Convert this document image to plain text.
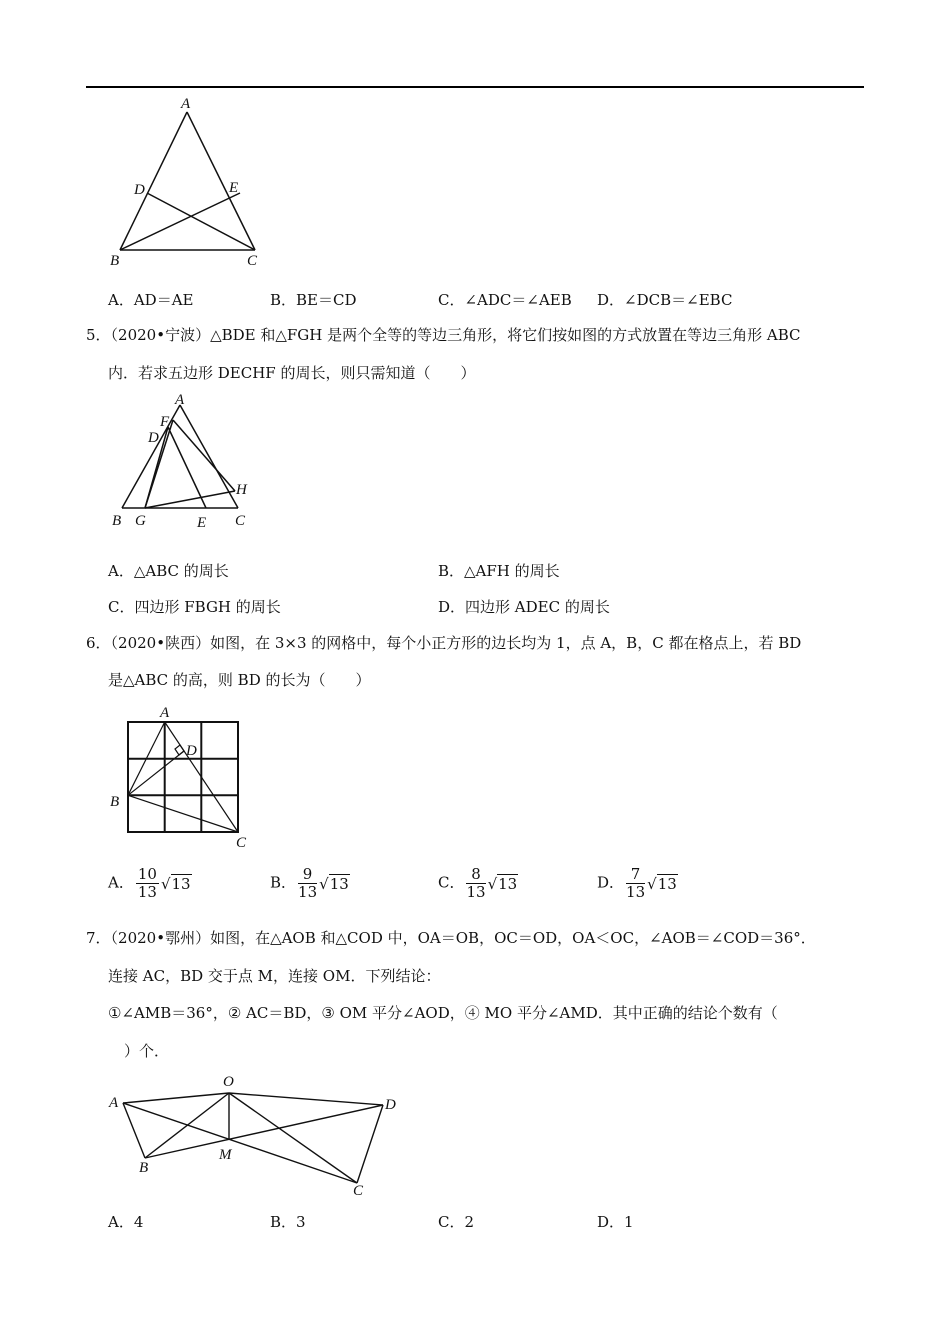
A
D	E
B	C
A．AD＝AE	B．BE＝CD	C．∠ADC＝∠AEB D．∠DCB＝∠EBC
5．（2020•宁波）△BDE 和△FGH 是两个全等的等边三角形，将它们按如图的方式放置在等边三角形 ABC
内．若求五边形 DECHF 的周长，则只需知道（　　）
A
F
D
H
B G	E C
A．△ABC 的周长	B．△AFH 的周长
C．四边形 FBGH 的周长	D．四边形 ADEC 的周长
6．（2020•陕西）如图，在 3×3 的网格中，每个小正方形的边长均为 1，点 A，B，C 都在格点上，若 BD
是△ABC 的高，则 BD 的长为（　　）
A
D
B
C
A． $\frac{10}{13} √13$	B． $\frac{9}{13} √13$	C． $\frac{8}{13} √13$	D． $\frac{7}{13} √13$
7．（2020•鄂州）如图，在△AOB 和△COD 中，OA＝OB，OC＝OD，OA＜OC，∠AOB＝∠COD＝36°．
连接 AC，BD 交于点 M，连接 OM．下列结论：
①∠AMB＝36°，② AC＝BD，③ OM 平分∠AOD，④ MO 平分∠AMD．其中正确的结论个数有（
）个．
O
A	D
B
M
C
A．4	B．3	C．2	D．1
